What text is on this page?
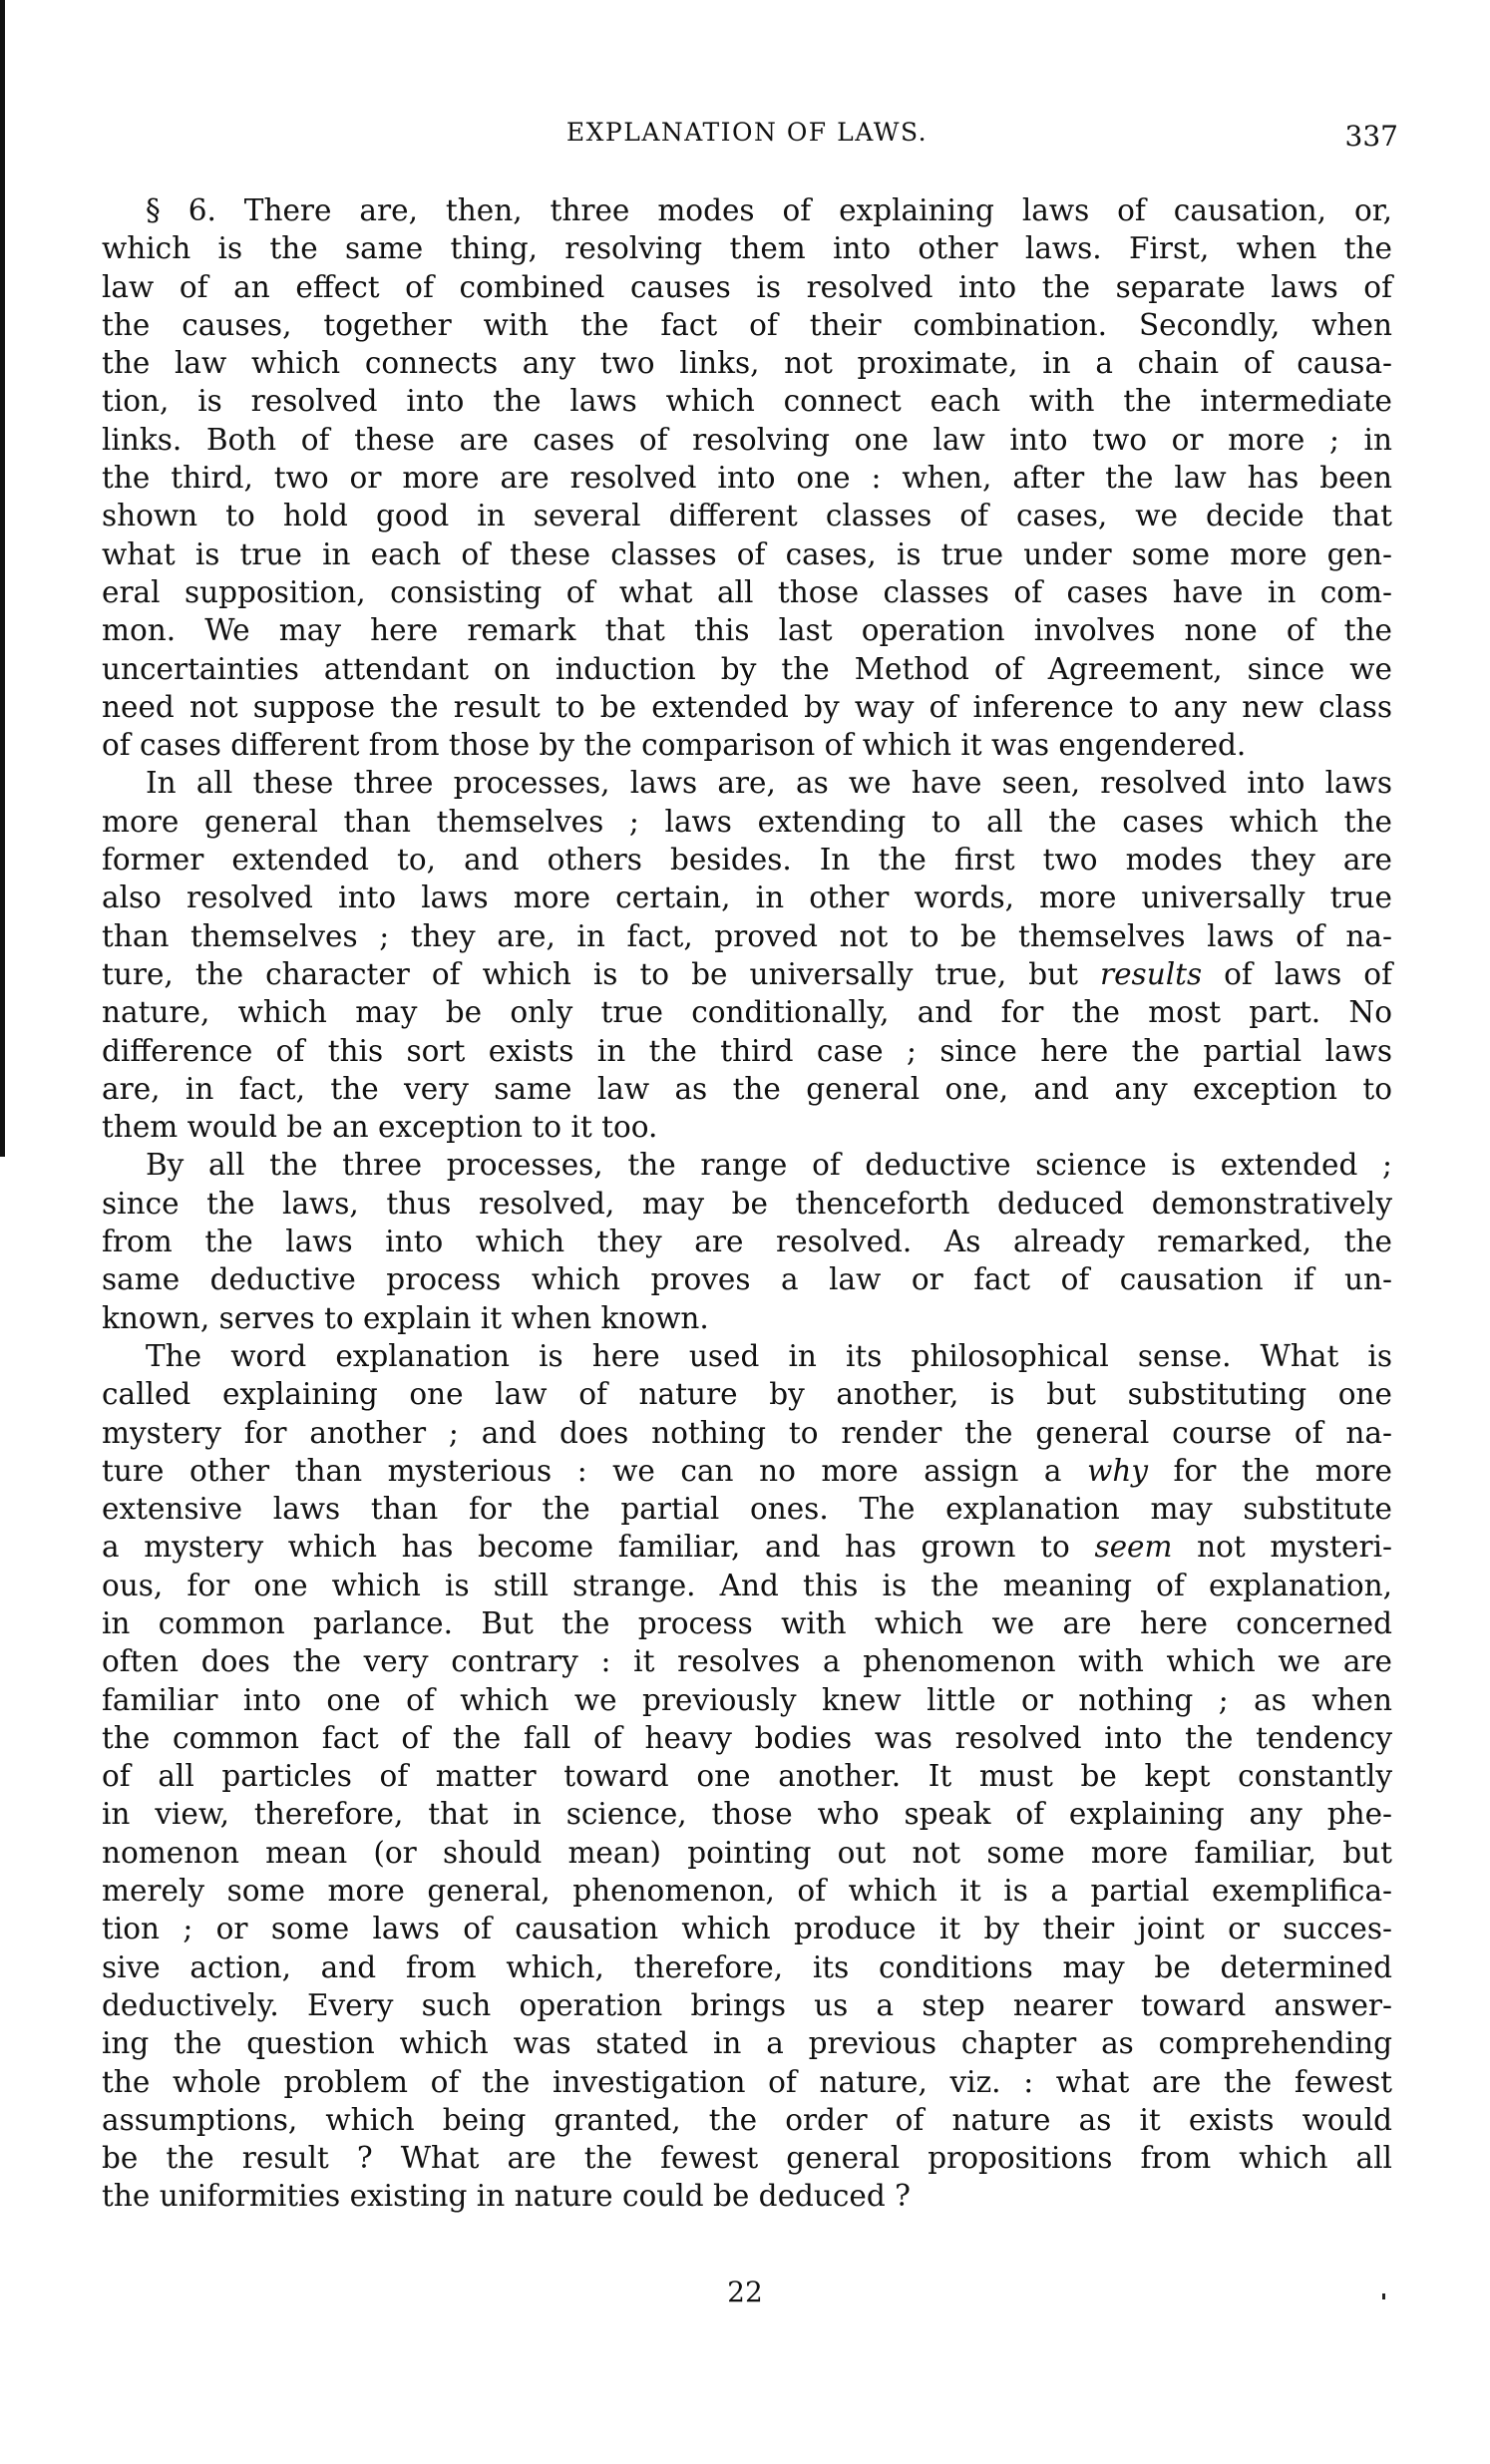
EXPLANATION OF LAWS.	337
§ 6. There are, then, three modes of explaining laws of causation, or,
which is the same thing, resolving them into other laws. First, when the
law of an effect of combined causes is resolved into the separate laws of
the causes, together with the fact of their combination. Secondly, when
the law which connects any two links, not proximate, in a chain of causa-
tion, is resolved into the laws which connect each with the intermediate
links. Both of these are cases of resolving one law into two or more ; in
the third, two or more are resolved into one : when, after the law has been
shown to hold good in several different classes of cases, we decide that
what is true in each of these classes of cases, is true under some more gen-
eral supposition, consisting of what all those classes of cases have in com-
mon. We may here remark that this last operation involves none of the
uncertainties attendant on induction by the Method of Agreement, since we
need not suppose the result to be extended by way of inference to any new class
of cases different from those by the comparison of which it was engendered.
In all these three processes, laws are, as we have seen, resolved into laws
more general than themselves ; laws extending to all the cases which the
former extended to, and others besides. In the first two modes they are
also resolved into laws more certain, in other words, more universally true
than themselves ; they are, in fact, proved not to be themselves laws of na-
ture, the character of which is to be universally true, but results of laws of
nature, which may be only true conditionally, and for the most part. No
difference of this sort exists in the third case ; since here the partial laws
are, in fact, the very same law as the general one, and any exception to
them would be an exception to it too.
By all the three processes, the range of deductive science is extended ;
since the laws, thus resolved, may be thenceforth deduced demonstratively
from the laws into which they are resolved. As already remarked, the
same deductive process which proves a law or fact of causation if un-
known, serves to explain it when known.
The word explanation is here used in its philosophical sense. What is
called explaining one law of nature by another, is but substituting one
mystery for another ; and does nothing to render the general course of na-
ture other than mysterious : we can no more assign a why for the more
extensive laws than for the partial ones. The explanation may substitute
a mystery which has become familiar, and has grown to seem not mysteri-
ous, for one which is still strange. And this is the meaning of explanation,
in common parlance. But the process with which we are here concerned
often does the very contrary : it resolves a phenomenon with which we are
familiar into one of which we previously knew little or nothing ; as when
the common fact of the fall of heavy bodies was resolved into the tendency
of all particles of matter toward one another. It must be kept constantly
in view, therefore, that in science, those who speak of explaining any phe-
nomenon mean (or should mean) pointing out not some more familiar, but
merely some more general, phenomenon, of which it is a partial exemplifica-
tion ; or some laws of causation which produce it by their joint or succes-
sive action, and from which, therefore, its conditions may be determined
deductively. Every such operation brings us a step nearer toward answer-
ing the question which was stated in a previous chapter as comprehending
the whole problem of the investigation of nature, viz. : what are the fewest
assumptions, which being granted, the order of nature as it exists would
be the result ? What are the fewest general propositions from which all
the uniformities existing in nature could be deduced ?
22
